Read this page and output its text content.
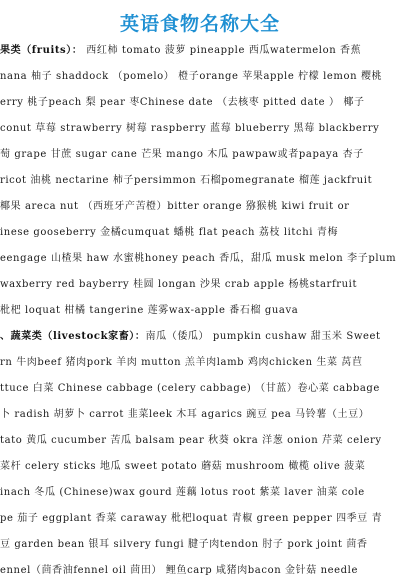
英语食物名称大全
果类（fruits）： 西红柿 tomato 菠萝 pineapple 西瓜watermelon 香蕉
nana 柚子 shaddock （pomelo） 橙子orange 苹果apple 柠檬 lemon 樱桃
erry 桃子peach 梨 pear 枣Chinese date （去核枣 pitted date ） 椰子
conut 草莓 strawberry 树莓 raspberry 蓝莓 blueberry 黑莓 blackberry
萄 grape 甘蔗 sugar cane 芒果 mango 木瓜 pawpaw或者papaya 杏子
ricot 油桃 nectarine 柿子persimmon 石榴pomegranate 榴莲 jackfruit
椰果 areca nut （西班牙产苦橙）bitter orange 猕猴桃 kiwi fruit or
inese gooseberry 金橘cumquat 蟠桃 flat peach 荔枝 litchi 青梅
eengage 山楂果 haw 水蜜桃honey peach 香瓜，甜瓜 musk melon 李子plum
waxberry red bayberry 桂圆 longan 沙果 crab apple 杨桃starfruit
枇杷 loquat 柑橘 tangerine 莲雾wax-apple 番石榴 guava
、蔬菜类（livestock家畜）：南瓜（倭瓜） pumpkin cushaw 甜玉米 Sweet
rn 牛肉beef 猪肉pork 羊肉 mutton 羔羊肉lamb 鸡肉chicken 生菜 莴苣
ttuce 白菜 Chinese cabbage (celery cabbage) （甘蓝）卷心菜 cabbage
卜 radish 胡萝卜 carrot 韭菜leek 木耳 agarics 豌豆 pea 马铃薯（土豆）
tato 黄瓜 cucumber 苦瓜 balsam pear 秋葵 okra 洋葱 onion 芹菜 celery
菜杆 celery sticks 地瓜 sweet potato 蘑菇 mushroom 橄榄 olive 菠菜
inach 冬瓜 (Chinese)wax gourd 莲藕 lotus root 紫菜 laver 油菜 cole
pe 茄子 eggplant 香菜 caraway 枇杷loquat 青椒 green pepper 四季豆 青
豆 garden bean 银耳 silvery fungi 腱子肉tendon 肘子 pork joint 茴香
ennel（茴香油fennel oil 茴田） 鲤鱼carp 咸猪肉bacon 金针菇 needle
